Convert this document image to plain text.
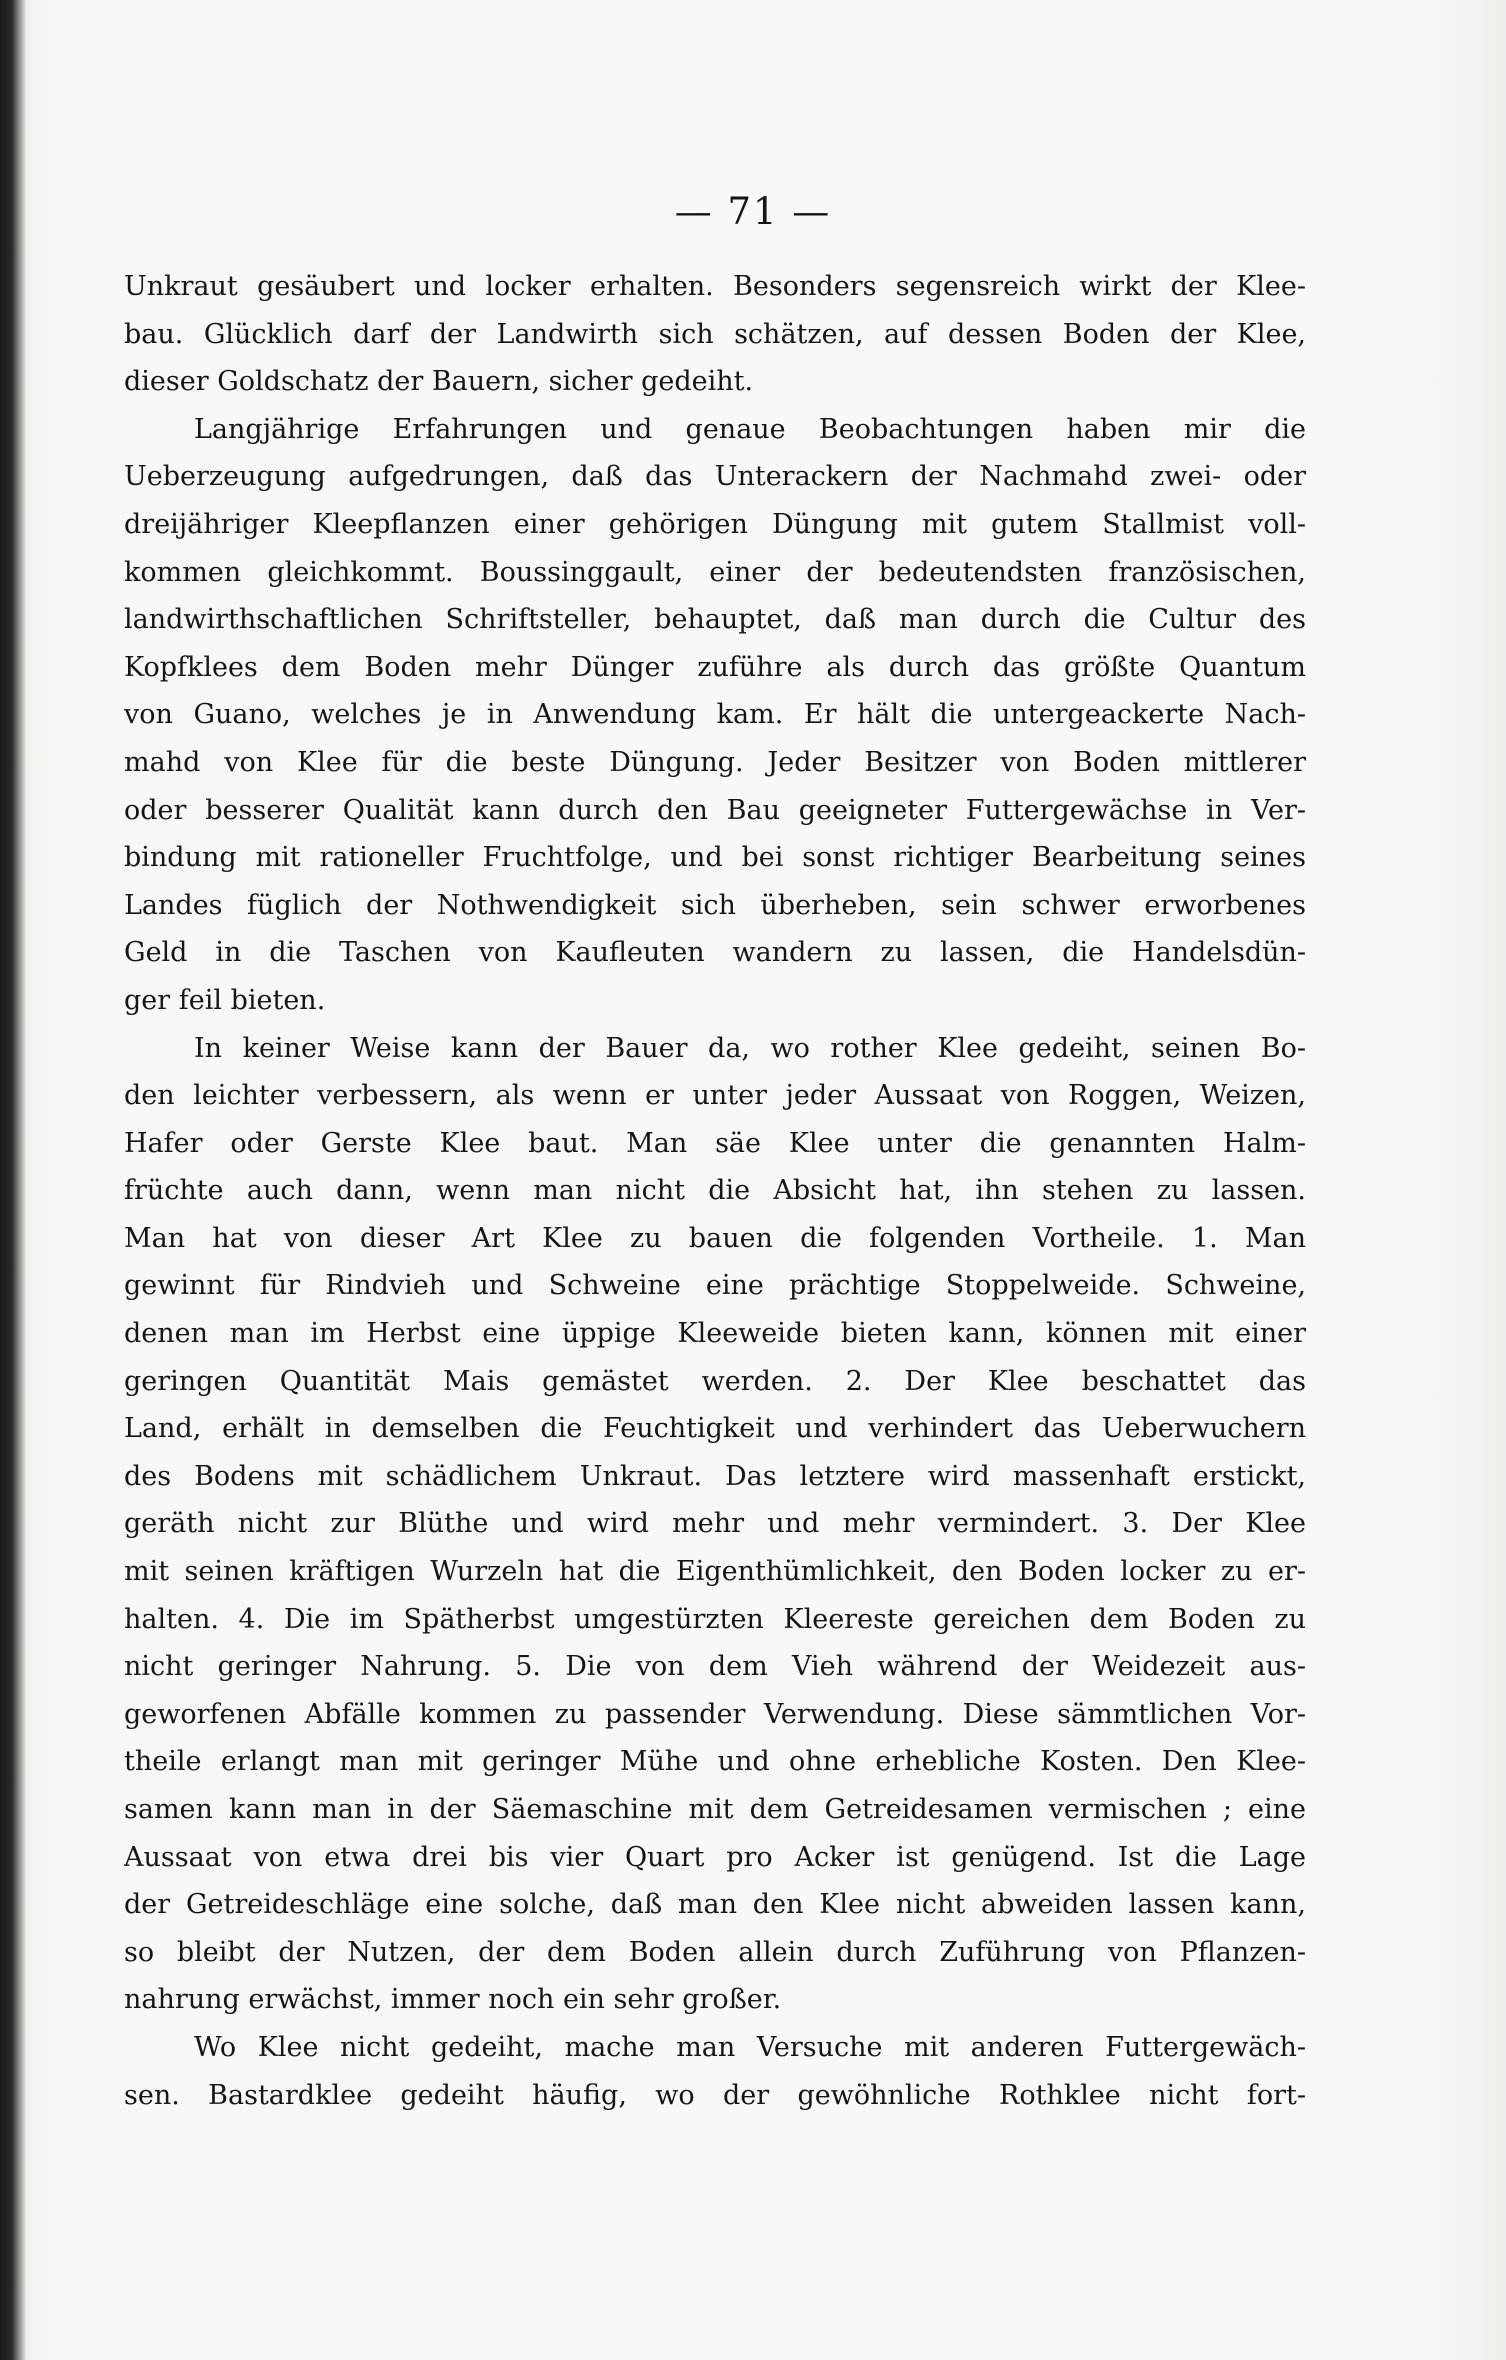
— 71 —
Unkraut gesäubert und locker erhalten. Besonders segensreich wirkt der Klee-
bau. Glücklich darf der Landwirth sich schätzen, auf dessen Boden der Klee,
dieser Goldschatz der Bauern, sicher gedeiht.
Langjährige Erfahrungen und genaue Beobachtungen haben mir die
Ueberzeugung aufgedrungen, daß das Unterackern der Nachmahd zwei- oder
dreijähriger Kleepflanzen einer gehörigen Düngung mit gutem Stallmist voll-
kommen gleichkommt. Boussinggault, einer der bedeutendsten französischen,
landwirthschaftlichen Schriftsteller, behauptet, daß man durch die Cultur des
Kopfklees dem Boden mehr Dünger zuführe als durch das größte Quantum
von Guano, welches je in Anwendung kam. Er hält die untergeackerte Nach-
mahd von Klee für die beste Düngung. Jeder Besitzer von Boden mittlerer
oder besserer Qualität kann durch den Bau geeigneter Futtergewächse in Ver-
bindung mit rationeller Fruchtfolge, und bei sonst richtiger Bearbeitung seines
Landes füglich der Nothwendigkeit sich überheben, sein schwer erworbenes
Geld in die Taschen von Kaufleuten wandern zu lassen, die Handelsdün-
ger feil bieten.
In keiner Weise kann der Bauer da, wo rother Klee gedeiht, seinen Bo-
den leichter verbessern, als wenn er unter jeder Aussaat von Roggen, Weizen,
Hafer oder Gerste Klee baut. Man säe Klee unter die genannten Halm-
früchte auch dann, wenn man nicht die Absicht hat, ihn stehen zu lassen.
Man hat von dieser Art Klee zu bauen die folgenden Vortheile. 1. Man
gewinnt für Rindvieh und Schweine eine prächtige Stoppelweide. Schweine,
denen man im Herbst eine üppige Kleeweide bieten kann, können mit einer
geringen Quantität Mais gemästet werden. 2. Der Klee beschattet das
Land, erhält in demselben die Feuchtigkeit und verhindert das Ueberwuchern
des Bodens mit schädlichem Unkraut. Das letztere wird massenhaft erstickt,
geräth nicht zur Blüthe und wird mehr und mehr vermindert. 3. Der Klee
mit seinen kräftigen Wurzeln hat die Eigenthümlichkeit, den Boden locker zu er-
halten. 4. Die im Spätherbst umgestürzten Kleereste gereichen dem Boden zu
nicht geringer Nahrung. 5. Die von dem Vieh während der Weidezeit aus-
geworfenen Abfälle kommen zu passender Verwendung. Diese sämmtlichen Vor-
theile erlangt man mit geringer Mühe und ohne erhebliche Kosten. Den Klee-
samen kann man in der Säemaschine mit dem Getreidesamen vermischen ; eine
Aussaat von etwa drei bis vier Quart pro Acker ist genügend. Ist die Lage
der Getreideschläge eine solche, daß man den Klee nicht abweiden lassen kann,
so bleibt der Nutzen, der dem Boden allein durch Zuführung von Pflanzen-
nahrung erwächst, immer noch ein sehr großer.
Wo Klee nicht gedeiht, mache man Versuche mit anderen Futtergewäch-
sen. Bastardklee gedeiht häufig, wo der gewöhnliche Rothklee nicht fort-
